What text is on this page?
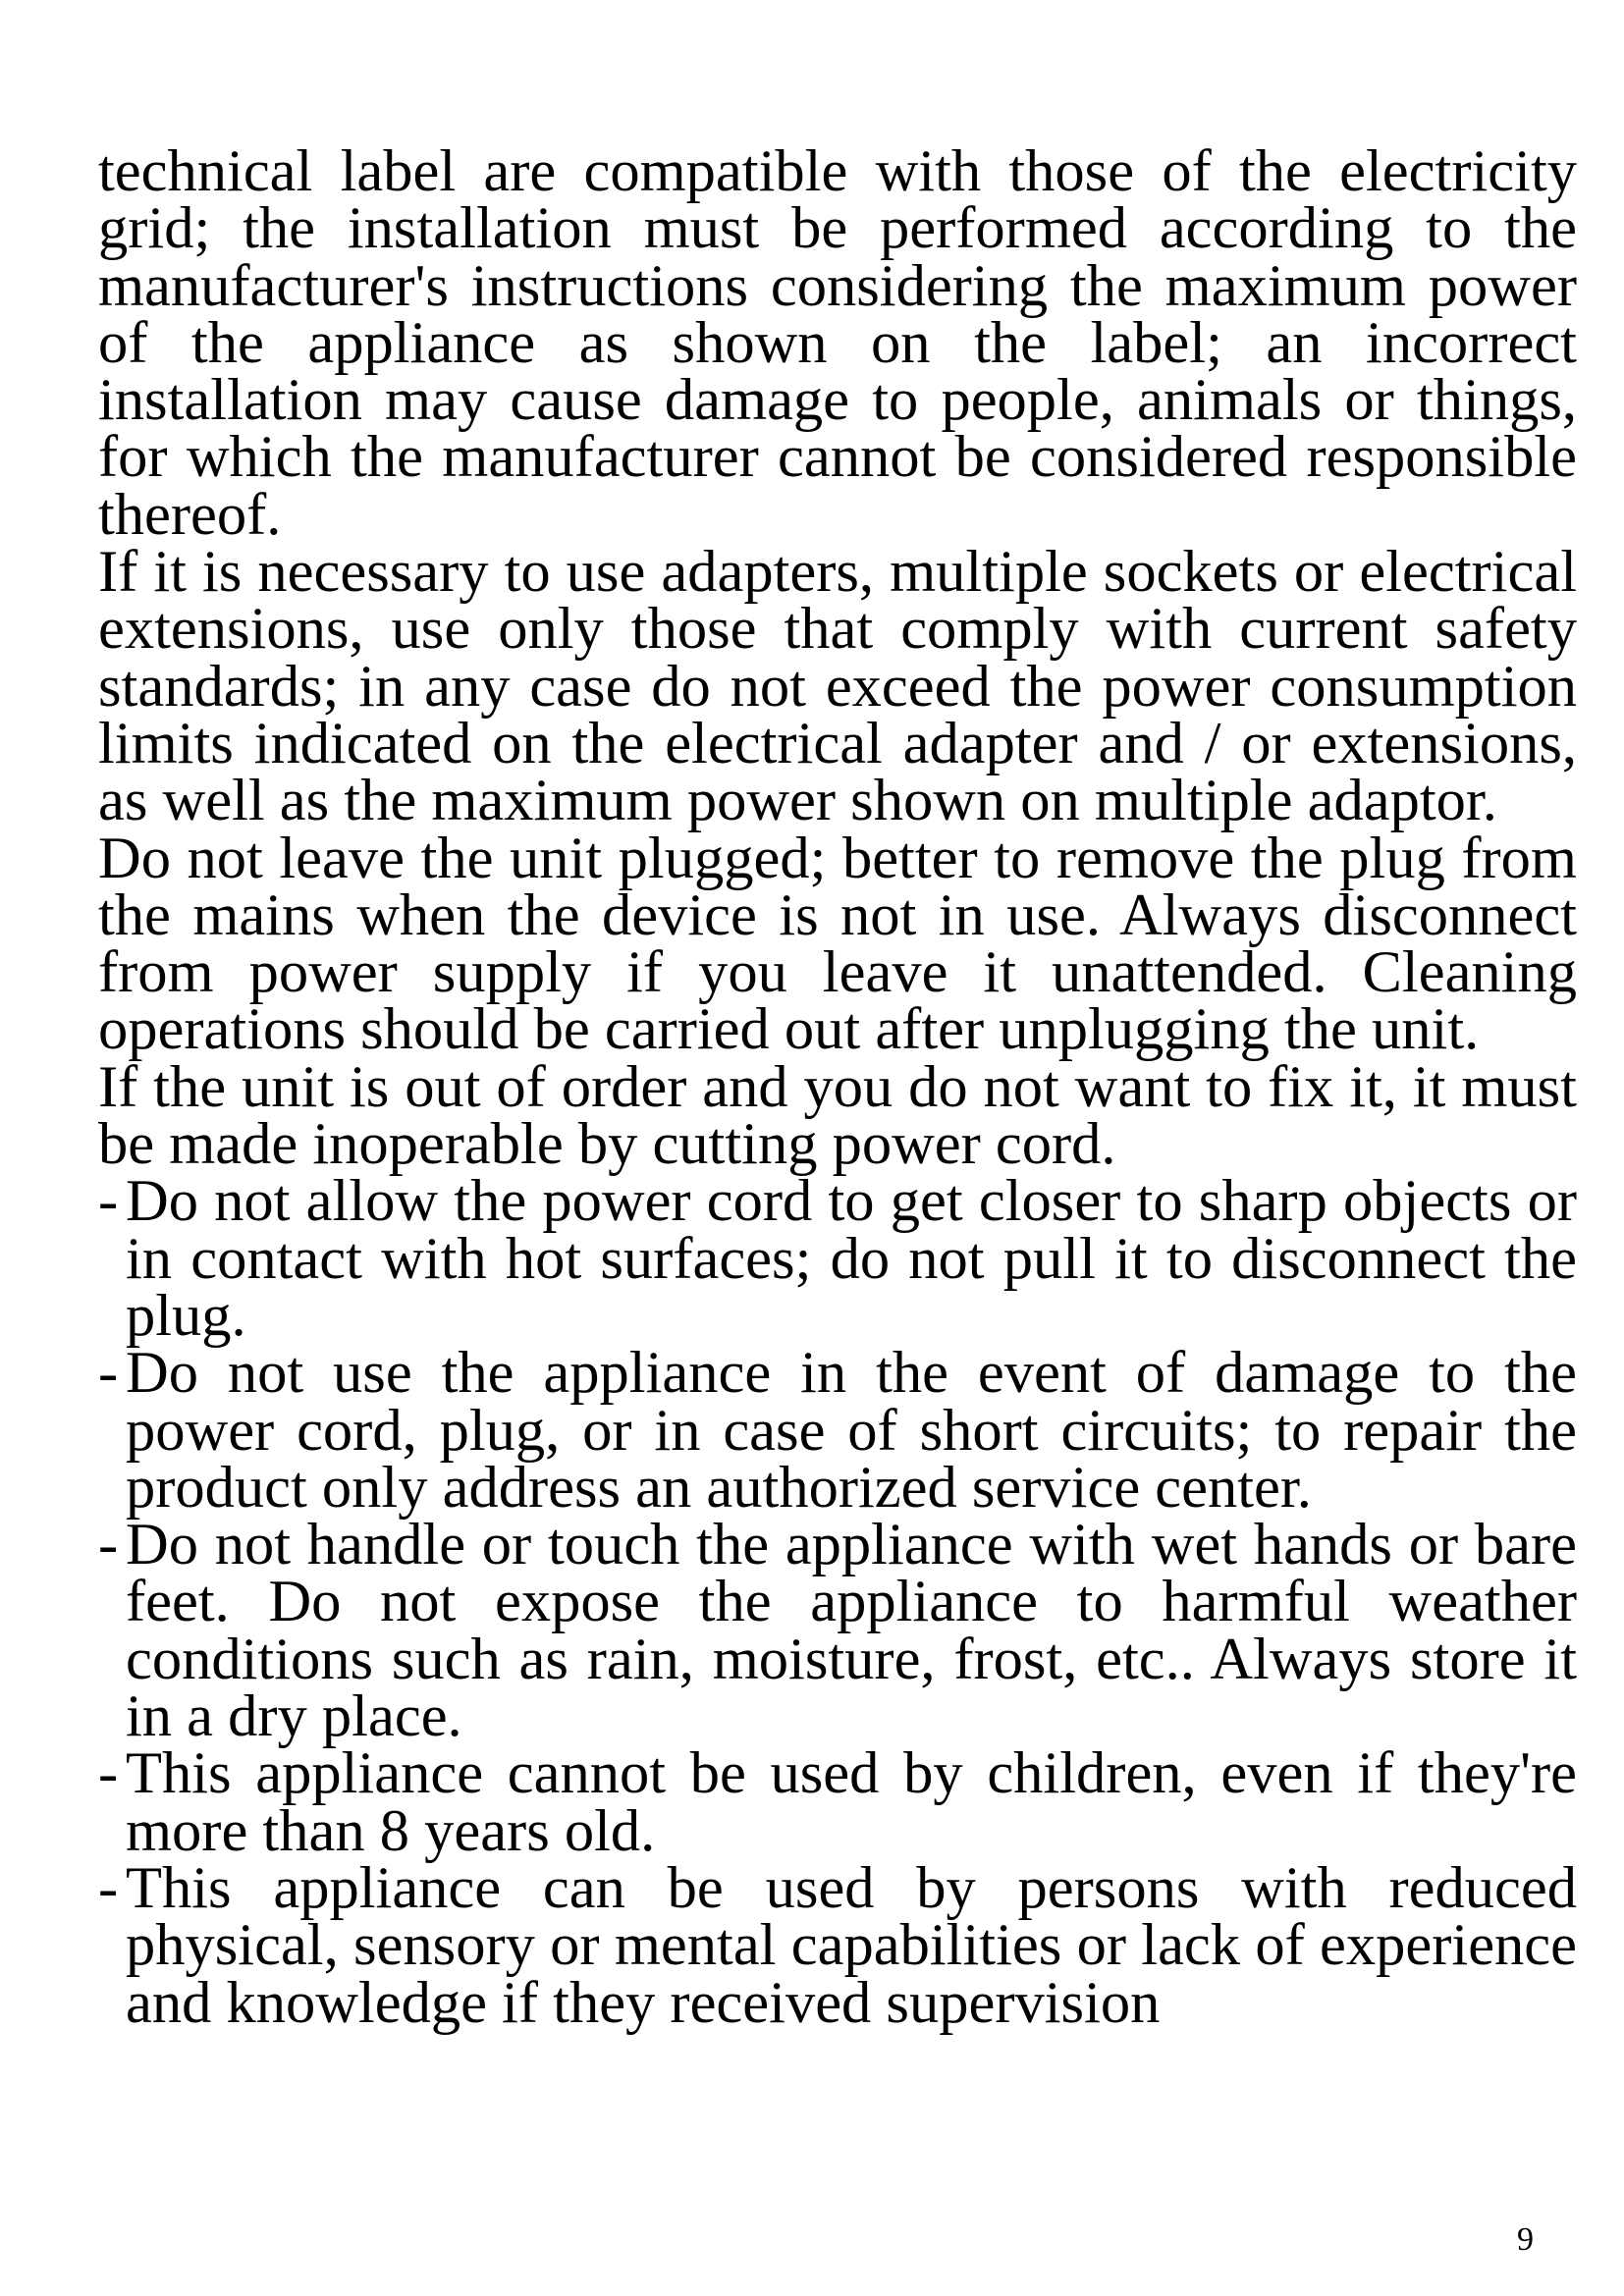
technical label are compatible with those of the electricity grid; the installation must be performed according to the manufacturer's instructions considering the maximum power of the appliance as shown on the label; an incorrect installation may cause damage to people, animals or things, for which the manufacturer cannot be considered responsible thereof.

If it is necessary to use adapters, multiple sockets or electrical extensions, use only those that comply with current safety standards; in any case do not exceed the power consumption limits indicated on the electrical adapter and / or extensions, as well as the maximum power shown on multiple adaptor.

Do not leave the unit plugged; better to remove the plug from the mains when the device is not in use. Always disconnect from power supply if you leave it unattended. Cleaning operations should be carried out after unplugging the unit.

If the unit is out of order and you do not want to fix it, it must be made inoperable by cutting power cord.

- Do not allow the power cord to get closer to sharp objects or in contact with hot surfaces; do not pull it to disconnect the plug.
- Do not use the appliance in the event of damage to the power cord, plug, or in case of short circuits; to repair the product only address an authorized service center.
- Do not handle or touch the appliance with wet hands or bare feet. Do not expose the appliance to harmful weather conditions such as rain, moisture, frost, etc.. Always store it in a dry place.
- This appliance cannot be used by children, even if they're more than 8 years old.
- This appliance can be used by persons with reduced physical, sensory or mental capabilities or lack of experience and knowledge if they received supervision
9
